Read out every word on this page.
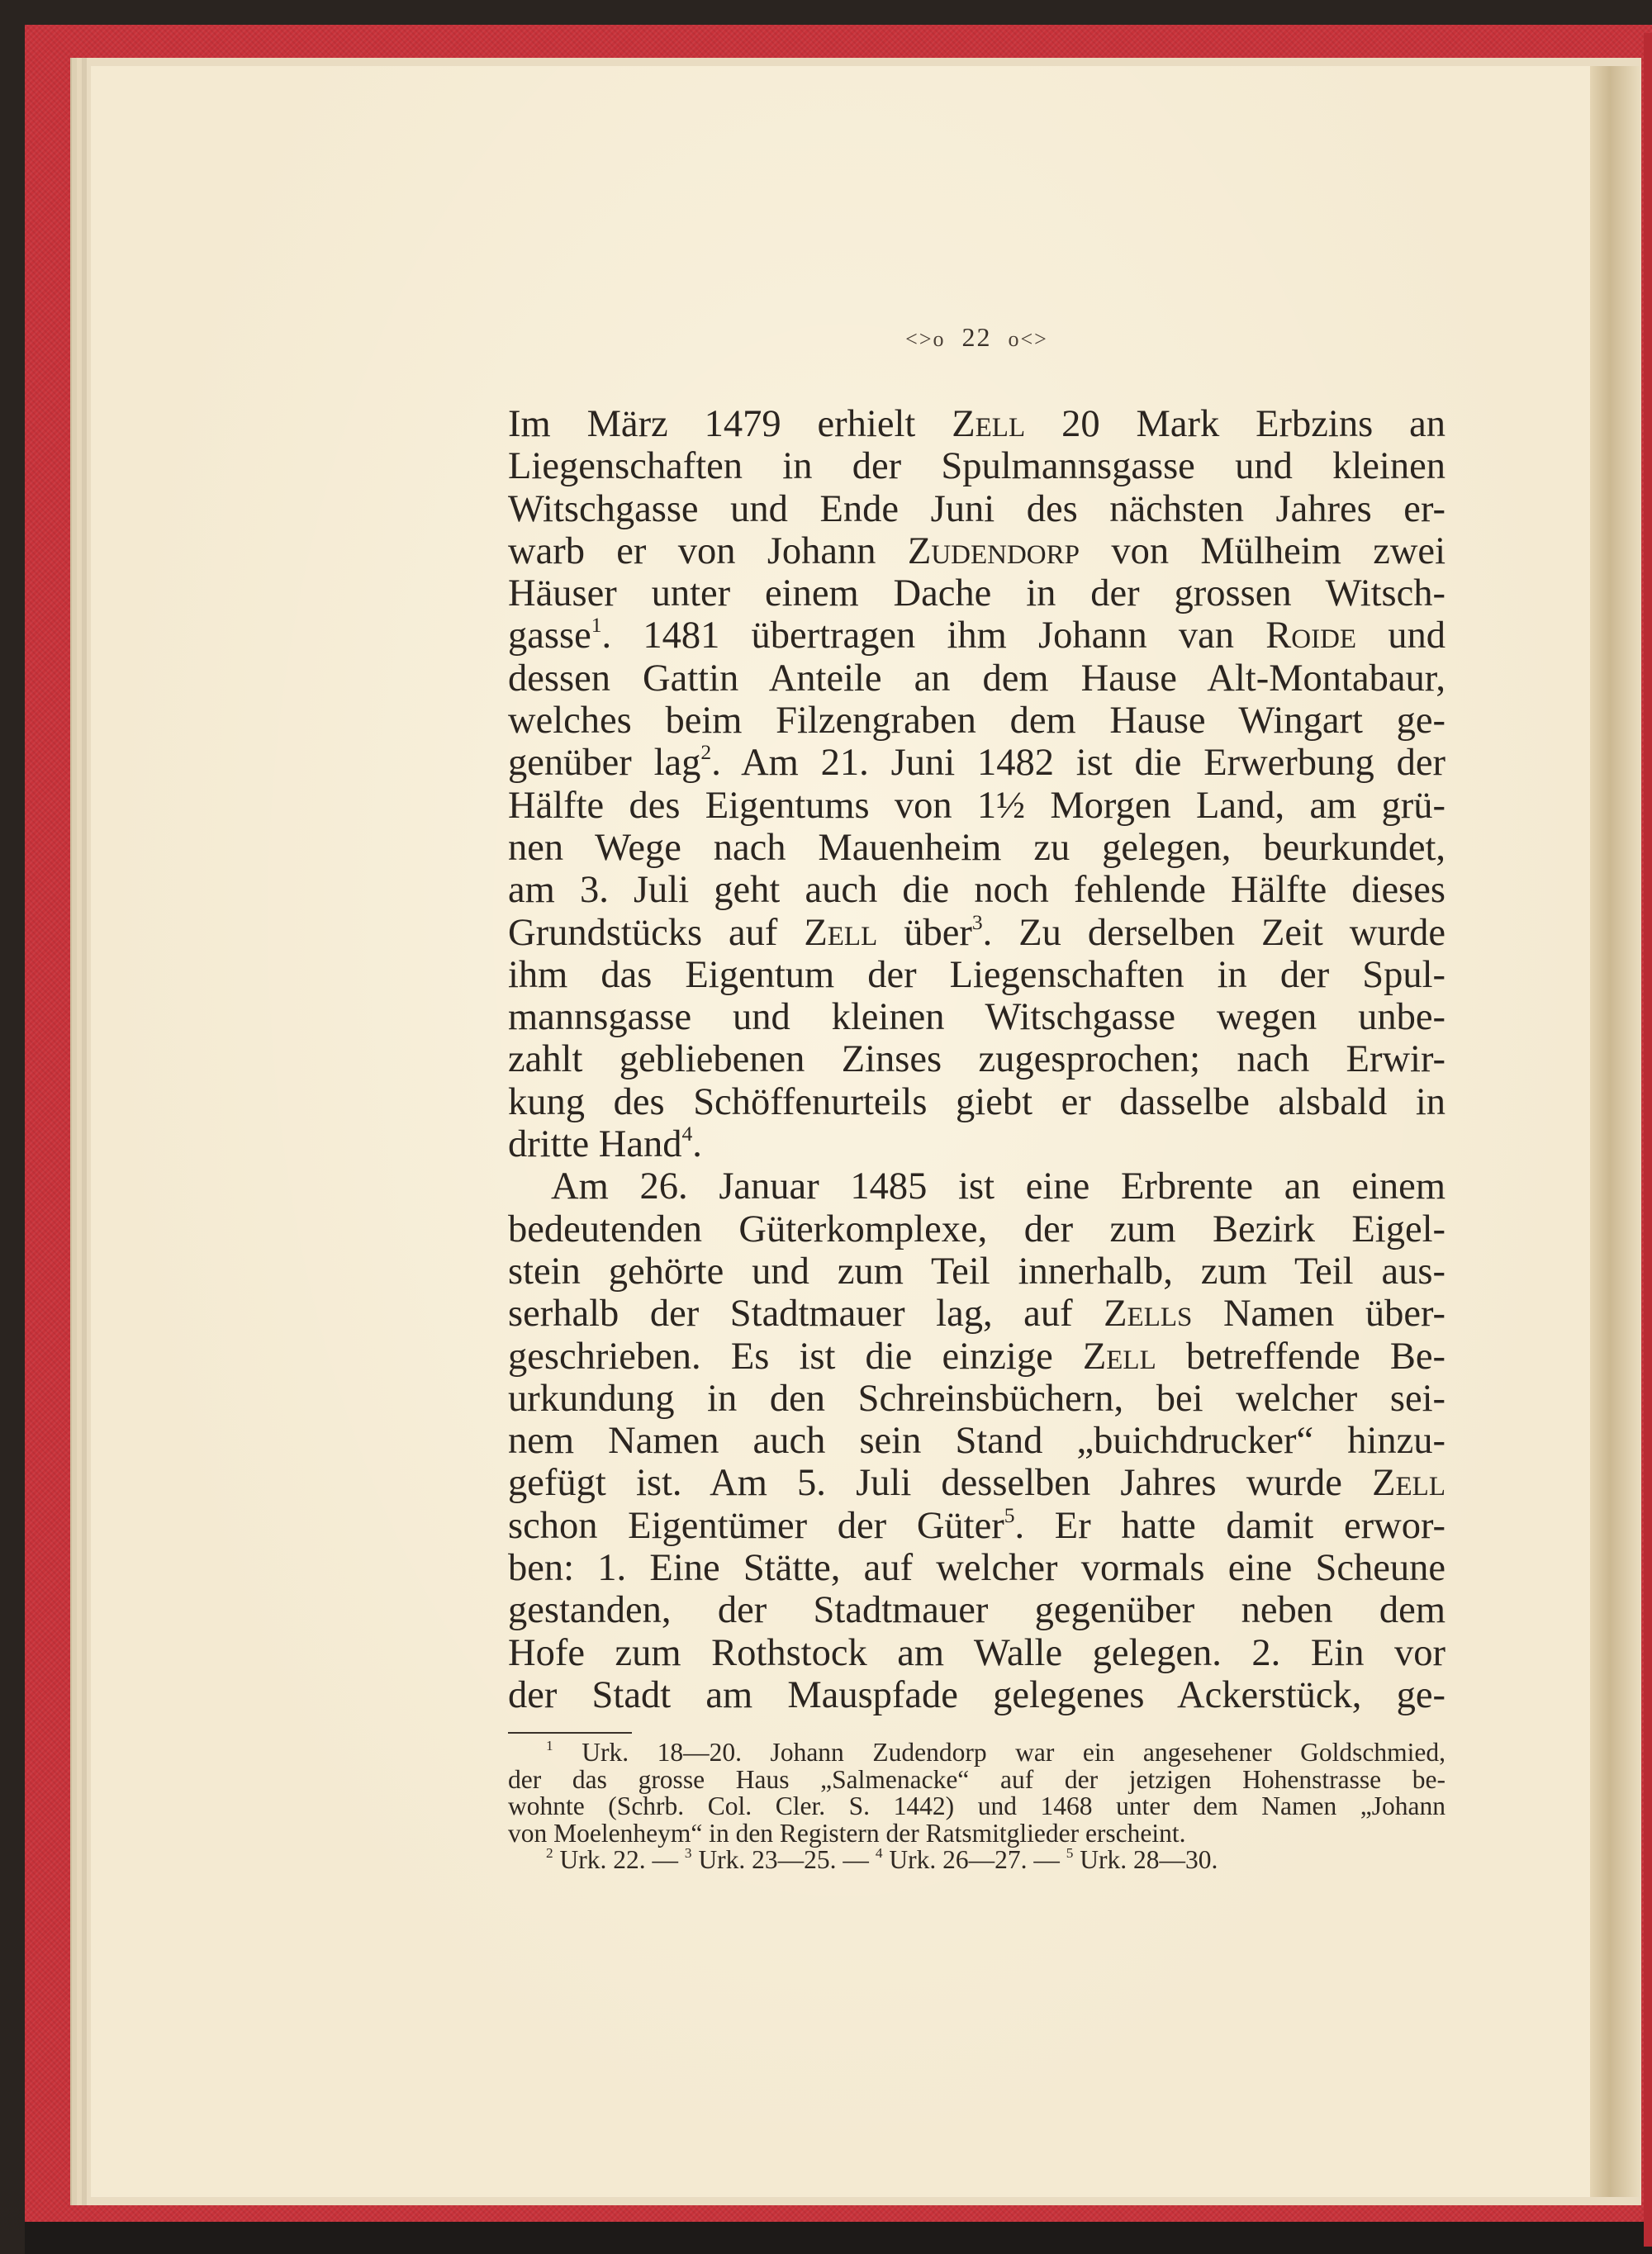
<>o 22 o<>
Im März 1479 erhielt Zell 20 Mark Erbzins an
Liegenschaften in der Spulmannsgasse und kleinen
Witschgasse und Ende Juni des nächsten Jahres er-
warb er von Johann Zudendorp von Mülheim zwei
Häuser unter einem Dache in der grossen Witsch-
gasse$^1$. 1481 übertragen ihm Johann van Roide und
dessen Gattin Anteile an dem Hause Alt-Montabaur,
welches beim Filzengraben dem Hause Wingart ge-
genüber lag$^2$. Am 21. Juni 1482 ist die Erwerbung der
Hälfte des Eigentums von 1½ Morgen Land, am grü-
nen Wege nach Mauenheim zu gelegen, beurkundet,
am 3. Juli geht auch die noch fehlende Hälfte dieses
Grundstücks auf Zell über$^3$. Zu derselben Zeit wurde
ihm das Eigentum der Liegenschaften in der Spul-
mannsgasse und kleinen Witschgasse wegen unbe-
zahlt gebliebenen Zinses zugesprochen; nach Erwir-
kung des Schöffenurteils giebt er dasselbe alsbald in
dritte Hand$^4$.
Am 26. Januar 1485 ist eine Erbrente an einem
bedeutenden Güterkomplexe, der zum Bezirk Eigel-
stein gehörte und zum Teil innerhalb, zum Teil aus-
serhalb der Stadtmauer lag, auf Zells Namen über-
geschrieben. Es ist die einzige Zell betreffende Be-
urkundung in den Schreinsbüchern, bei welcher sei-
nem Namen auch sein Stand „buichdrucker“ hinzu-
gefügt ist. Am 5. Juli desselben Jahres wurde Zell
schon Eigentümer der Güter$^5$. Er hatte damit erwor-
ben: 1. Eine Stätte, auf welcher vormals eine Scheune
gestanden, der Stadtmauer gegenüber neben dem
Hofe zum Rothstock am Walle gelegen. 2. Ein vor
der Stadt am Mauspfade gelegenes Ackerstück, ge-
$^1$ Urk. 18—20. Johann Zudendorp war ein angesehener Goldschmied,
der das grosse Haus „Salmenacke“ auf der jetzigen Hohenstrasse be-
wohnte (Schrb. Col. Cler. S. 1442) und 1468 unter dem Namen „Johann
von Moelenheym“ in den Registern der Ratsmitglieder erscheint.
$^2$ Urk. 22. — $^3$ Urk. 23—25. — $^4$ Urk. 26—27. — $^5$ Urk. 28—30.
